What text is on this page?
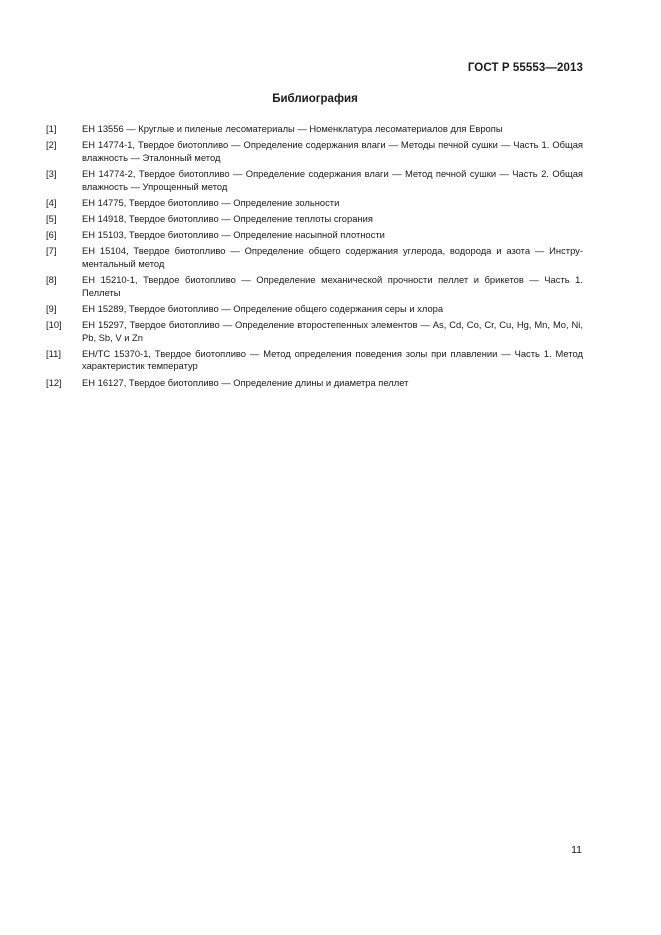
ГОСТ Р 55553—2013
Библиография
[1]	ЕН 13556 — Круглые и пиленые лесоматериалы — Номенклатура лесоматериалов для Европы
[2]	ЕН 14774-1, Твердое биотопливо — Определение содержания влаги — Методы печной сушки — Часть 1. Общая влажность — Эталонный метод
[3]	ЕН 14774-2, Твердое биотопливо — Определение содержания влаги — Метод печной сушки — Часть 2. Общая влажность — Упрощенный метод
[4]	ЕН 14775, Твердое биотопливо — Определение зольности
[5]	ЕН 14918, Твердое биотопливо — Определение теплоты сгорания
[6]	ЕН 15103, Твердое биотопливо — Определение насыпной плотности
[7]	ЕН 15104, Твердое биотопливо — Определение общего содержания углерода, водорода и азота — Инстру-ментальный метод
[8]	ЕН 15210-1, Твердое биотопливо — Определение механической прочности пеллет и брикетов — Часть 1. Пеллеты
[9]	ЕН 15289, Твердое биотопливо — Определение общего содержания серы и хлора
[10]	ЕН 15297, Твердое биотопливо — Определение второстепенных элементов — As, Cd, Co, Cr, Cu, Hg, Mn, Mo, Ni, Pb, Sb, V и Zn
[11]	ЕН/ТС 15370-1, Твердое биотопливо — Метод определения поведения золы при плавлении — Часть 1. Метод характеристик температур
[12]	ЕН 16127, Твердое биотопливо — Определение длины и диаметра пеллет
11
